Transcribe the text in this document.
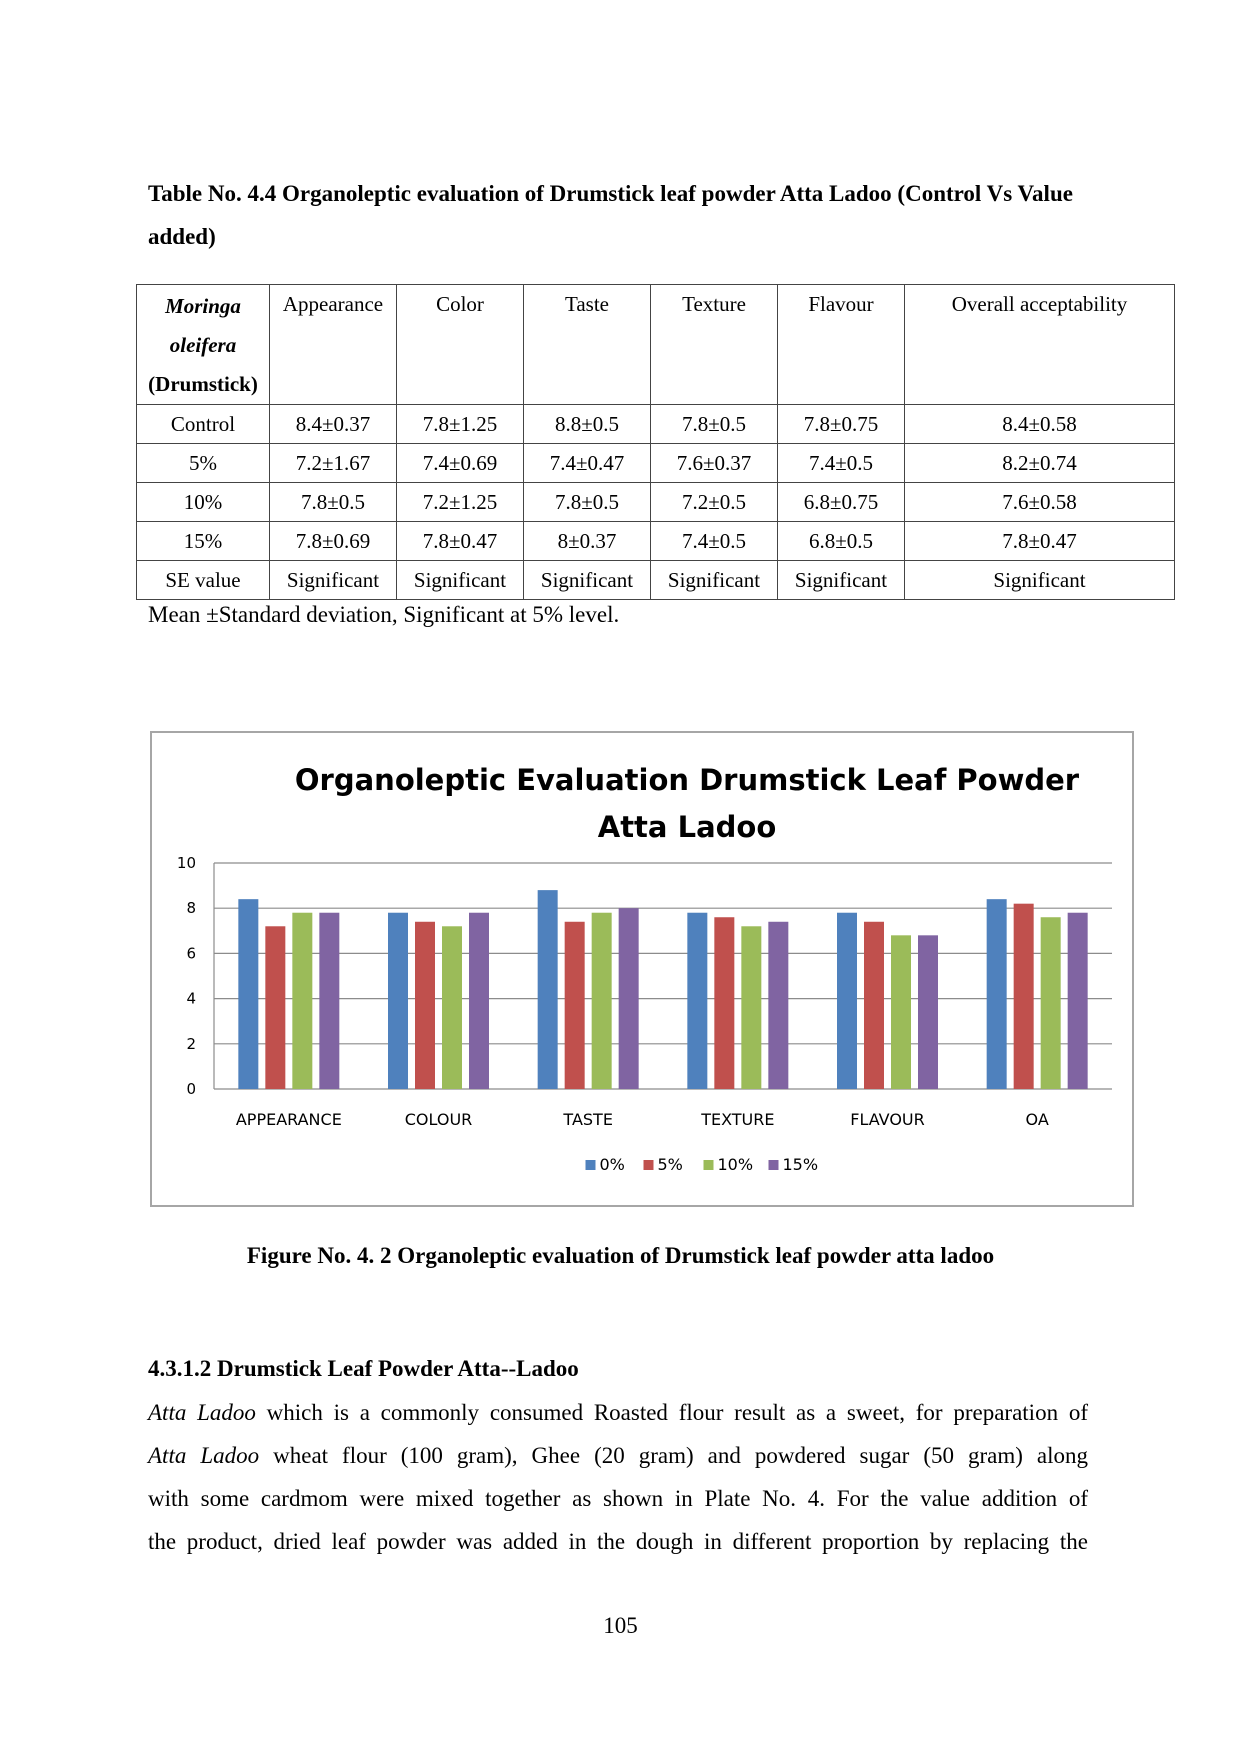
Table No. 4.4 Organoleptic evaluation of Drumstick leaf powder Atta Ladoo (Control Vs Value added)
Moringa oleifera
(Drumstick)	Appearance	Color	Taste	Texture	Flavour	Overall acceptability
Control	8.4±0.37	7.8±1.25	8.8±0.5	7.8±0.5	7.8±0.75	8.4±0.58
5%	7.2±1.67	7.4±0.69	7.4±0.47	7.6±0.37	7.4±0.5	8.2±0.74
10%	7.8±0.5	7.2±1.25	7.8±0.5	7.2±0.5	6.8±0.75	7.6±0.58
15%	7.8±0.69	7.8±0.47	8±0.37	7.4±0.5	6.8±0.5	7.8±0.47
SE value	Significant	Significant	Significant	Significant	Significant	Significant
Mean ±Standard deviation, Significant at 5% level.
Organoleptic Evaluation Drumstick Leaf Powder
Atta Ladoo
0
2
4
6
8
10
APPEARANCE	COLOUR	TASTE	TEXTURE	FLAVOUR	OA
0% 5% 10% 15%
Figure No. 4. 2 Organoleptic evaluation of Drumstick leaf powder atta ladoo
4.3.1.2 Drumstick Leaf Powder Atta--Ladoo
Atta Ladoo which is a commonly consumed Roasted flour result as a sweet, for preparation of
Atta Ladoo wheat flour (100 gram), Ghee (20 gram) and powdered sugar (50 gram) along
with some cardmom were mixed together as shown in Plate No. 4. For the value addition of
the product, dried leaf powder was added in the dough in different proportion by replacing the
105
